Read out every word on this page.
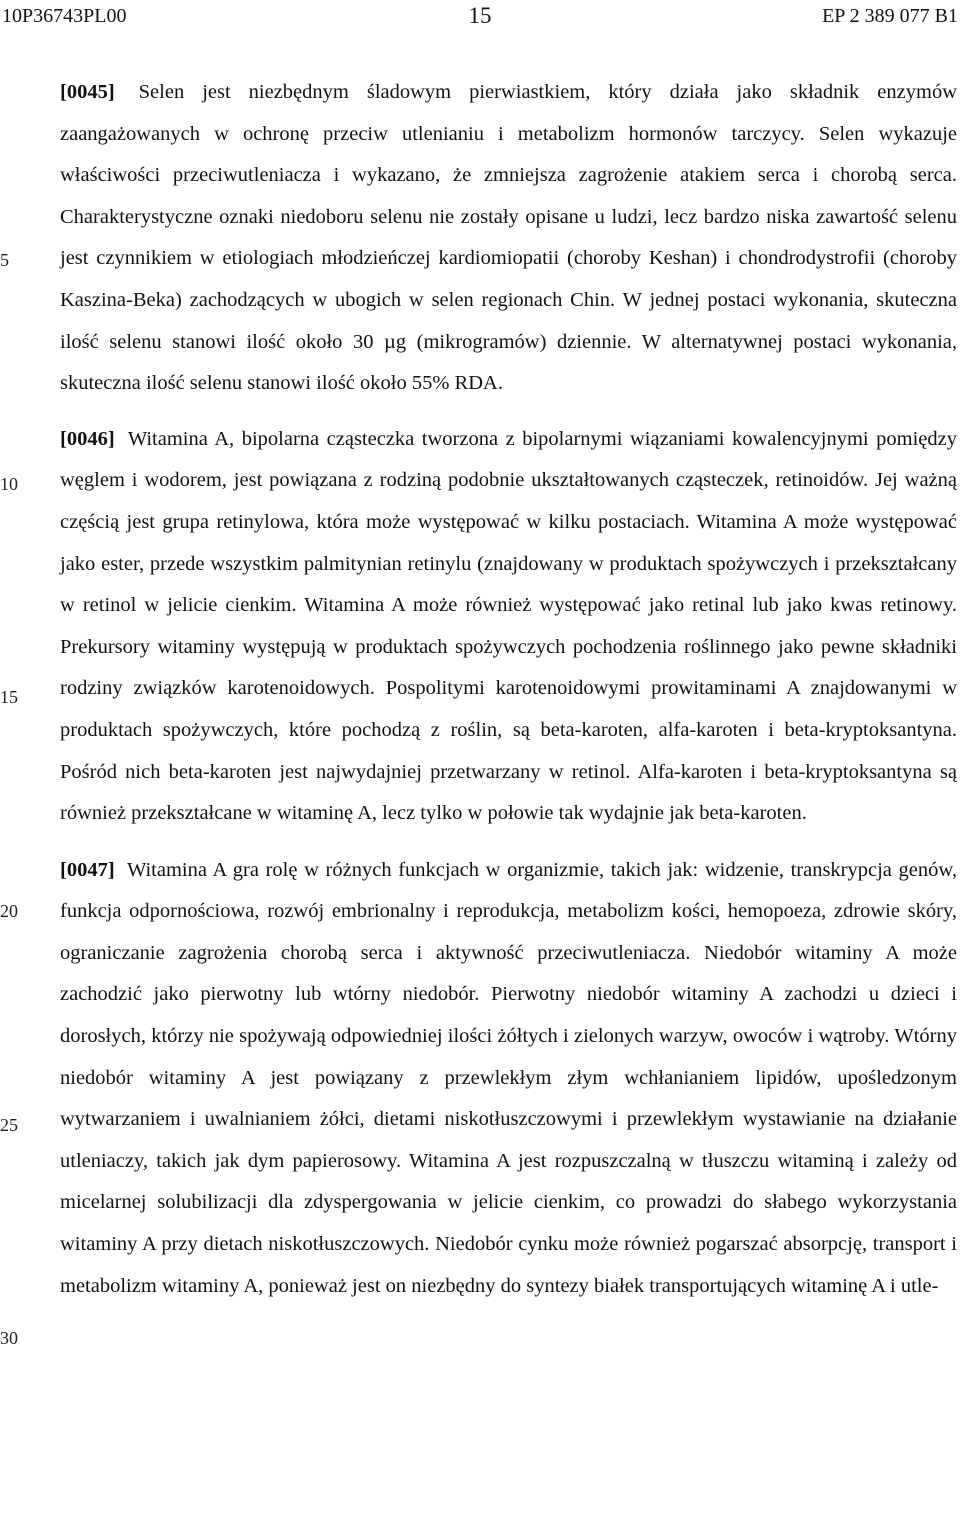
10P36743PL00	15	EP 2 389 077 B1
5
10
15
20
25
30

[0045] Selen jest niezbędnym śladowym pierwiastkiem, który działa jako składnik enzymów zaangażowanych w ochronę przeciw utlenianiu i metabolizm hormonów tarczycy. Selen wykazuje właściwości przeciwutleniacza i wykazano, że zmniejsza zagrożenie atakiem serca i chorobą serca. Charakterystyczne oznaki niedoboru selenu nie zostały opisane u ludzi, lecz bardzo niska zawartość selenu jest czynnikiem w etiologiach młodzieńczej kardiomiopatii (choroby Keshan) i chondrodystrofii (choroby Kaszina-Beka) zachodzących w ubogich w selen regionach Chin. W jednej postaci wykonania, skuteczna ilość selenu stanowi ilość około 30 µg (mikrogramów) dziennie. W alternatywnej postaci wykonania, skuteczna ilość selenu stanowi ilość około 55% RDA.

[0046] Witamina A, bipolarna cząsteczka tworzona z bipolarnymi wiązaniami kowalencyjnymi pomiędzy węglem i wodorem, jest powiązana z rodziną podobnie ukształtowanych cząsteczek, retinoidów. Jej ważną częścią jest grupa retinylowa, która może występować w kilku postaciach. Witamina A może występować jako ester, przede wszystkim palmitynian retinylu (znajdowany w produktach spożywczych i przekształcany w retinol w jelicie cienkim. Witamina A może również występować jako retinal lub jako kwas retinowy. Prekursory witaminy występują w produktach spożywczych pochodzenia roślinnego jako pewne składniki rodziny związków karotenoidowych. Pospolitymi karotenoidowymi prowitaminami A znajdowanymi w produktach spożywczych, które pochodzą z roślin, są beta-karoten, alfa-karoten i beta-kryptoksantyna. Pośród nich beta-karoten jest najwydajniej przetwarzany w retinol. Alfa-karoten i beta-kryptoksantyna są również przekształcane w witaminę A, lecz tylko w połowie tak wydajnie jak beta-karoten.

[0047] Witamina A gra rolę w różnych funkcjach w organizmie, takich jak: widzenie, transkrypcja genów, funkcja odpornościowa, rozwój embrionalny i reprodukcja, metabolizm kości, hemopoeza, zdrowie skóry, ograniczanie zagrożenia chorobą serca i aktywność przeciwutleniacza. Niedobór witaminy A może zachodzić jako pierwotny lub wtórny niedobór. Pierwotny niedobór witaminy A zachodzi u dzieci i dorosłych, którzy nie spożywają odpowiedniej ilości żółtych i zielonych warzyw, owoców i wątroby. Wtórny niedobór witaminy A jest powiązany z przewlekłym złym wchłanianiem lipidów, upośledzonym wytwarzaniem i uwalnianiem żółci, dietami niskotłuszczowymi i przewlekłym wystawianie na działanie utleniaczy, takich jak dym papierosowy. Witamina A jest rozpuszczalną w tłuszczu witaminą i zależy od micelarnej solubilizacji dla zdyspergowania w jelicie cienkim, co prowadzi do słabego wykorzystania witaminy A przy dietach niskotłuszczowych. Niedobór cynku może również pogarszać absorpcję, transport i metabolizm witaminy A, ponieważ jest on niezbędny do syntezy białek transportujących witaminę A i utle-
